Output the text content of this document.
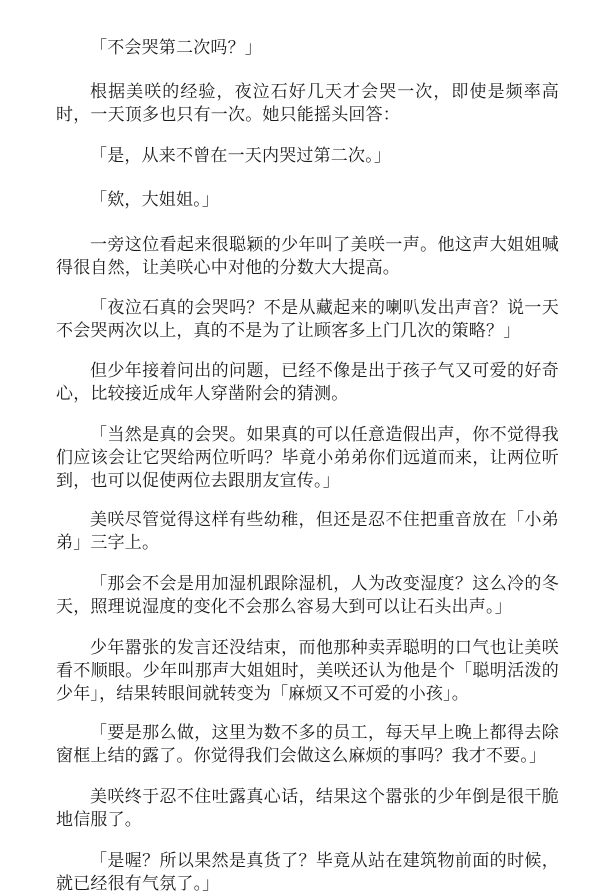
「不会哭第二次吗？」

根据美咲的经验，夜泣石好几天才会哭一次，即使是频率高时，一天顶多也只有一次。她只能摇头回答：

「是，从来不曾在一天内哭过第二次。」

「欸，大姐姐。」

一旁这位看起来很聪颖的少年叫了美咲一声。他这声大姐姐喊得很自然，让美咲心中对他的分数大大提高。

「夜泣石真的会哭吗？不是从藏起来的喇叭发出声音？说一天不会哭两次以上，真的不是为了让顾客多上门几次的策略？」

但少年接着问出的问题，已经不像是出于孩子气又可爱的好奇心，比较接近成年人穿凿附会的猜测。

「当然是真的会哭。如果真的可以任意造假出声，你不觉得我们应该会让它哭给两位听吗？毕竟小弟弟你们远道而来，让两位听到，也可以促使两位去跟朋友宣传。」

美咲尽管觉得这样有些幼稚，但还是忍不住把重音放在「小弟弟」三字上。

「那会不会是用加湿机跟除湿机，人为改变湿度？这么冷的冬天，照理说湿度的变化不会那么容易大到可以让石头出声。」

少年嚣张的发言还没结束，而他那种卖弄聪明的口气也让美咲看不顺眼。少年叫那声大姐姐时，美咲还认为他是个「聪明活泼的少年」，结果转眼间就转变为「麻烦又不可爱的小孩」。

「要是那么做，这里为数不多的员工，每天早上晚上都得去除窗框上结的露了。你觉得我们会做这么麻烦的事吗？我才不要。」

美咲终于忍不住吐露真心话，结果这个嚣张的少年倒是很干脆地信服了。

「是喔？所以果然是真货了？毕竟从站在建筑物前面的时候，就已经很有气氛了。」
